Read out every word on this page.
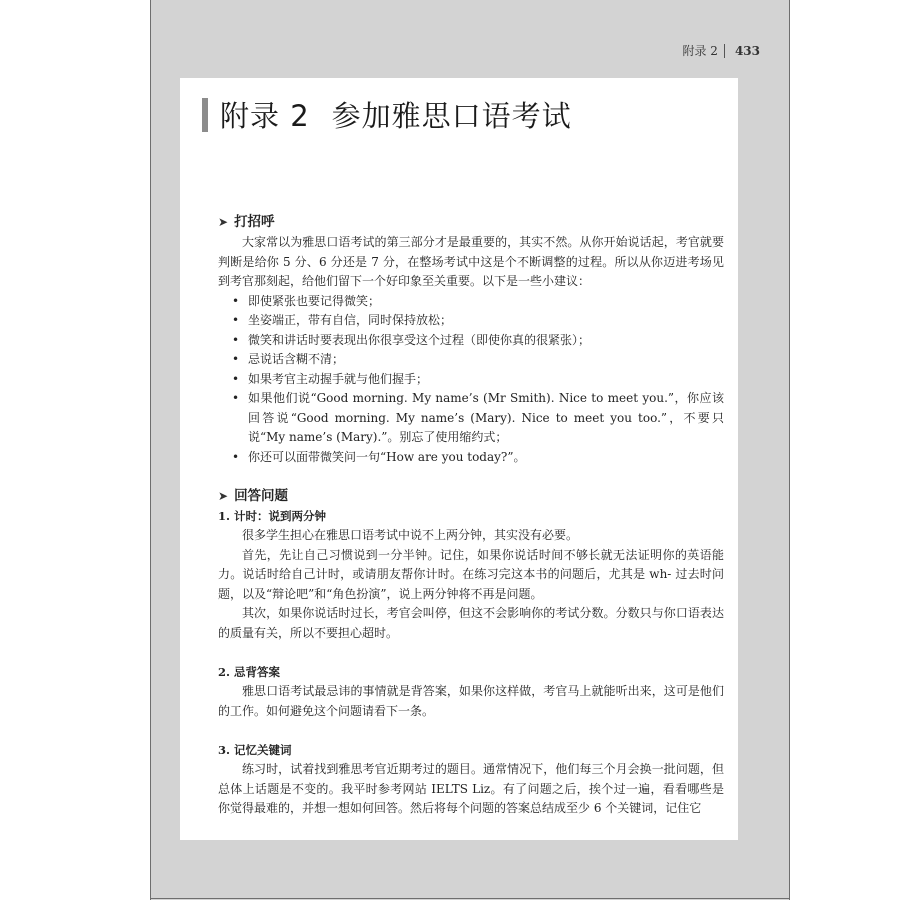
附录 2 433
附录 2 参加雅思口语考试
➤ 打招呼

大家常以为雅思口语考试的第三部分才是最重要的，其实不然。从你开始说话起，考官就要判断是给你 5 分、6 分还是 7 分，在整场考试中这是个不断调整的过程。所以从你迈进考场见到考官那刻起，给他们留下一个好印象至关重要。以下是一些小建议：

• 即使紧张也要记得微笑；
• 坐姿端正，带有自信，同时保持放松；
• 微笑和讲话时要表现出你很享受这个过程（即使你真的很紧张）；
• 忌说话含糊不清；
• 如果考官主动握手就与他们握手；
• 如果他们说“Good morning. My name’s (Mr Smith). Nice to meet you.”，你应该回答说“Good morning. My name’s (Mary). Nice to meet you too.”，不要只说“My name’s (Mary).”。别忘了使用缩约式；
• 你还可以面带微笑问一句“How are you today?”。
➤ 回答问题
1. 计时：说到两分钟

很多学生担心在雅思口语考试中说不上两分钟，其实没有必要。

首先，先让自己习惯说到一分半钟。记住，如果你说话时间不够长就无法证明你的英语能力。说话时给自己计时，或请朋友帮你计时。在练习完这本书的问题后，尤其是 wh- 过去时问题，以及“辩论吧”和“角色扮演”，说上两分钟将不再是问题。

其次，如果你说话时过长，考官会叫停，但这不会影响你的考试分数。分数只与你口语表达的质量有关，所以不要担心超时。

2. 忌背答案

雅思口语考试最忌讳的事情就是背答案，如果你这样做，考官马上就能听出来，这可是他们的工作。如何避免这个问题请看下一条。

3. 记忆关键词

练习时，试着找到雅思考官近期考过的题目。通常情况下，他们每三个月会换一批问题，但总体上话题是不变的。我平时参考网站 IELTS Liz。有了问题之后，挨个过一遍，看看哪些是你觉得最难的，并想一想如何回答。然后将每个问题的答案总结成至少 6 个关键词，记住它
